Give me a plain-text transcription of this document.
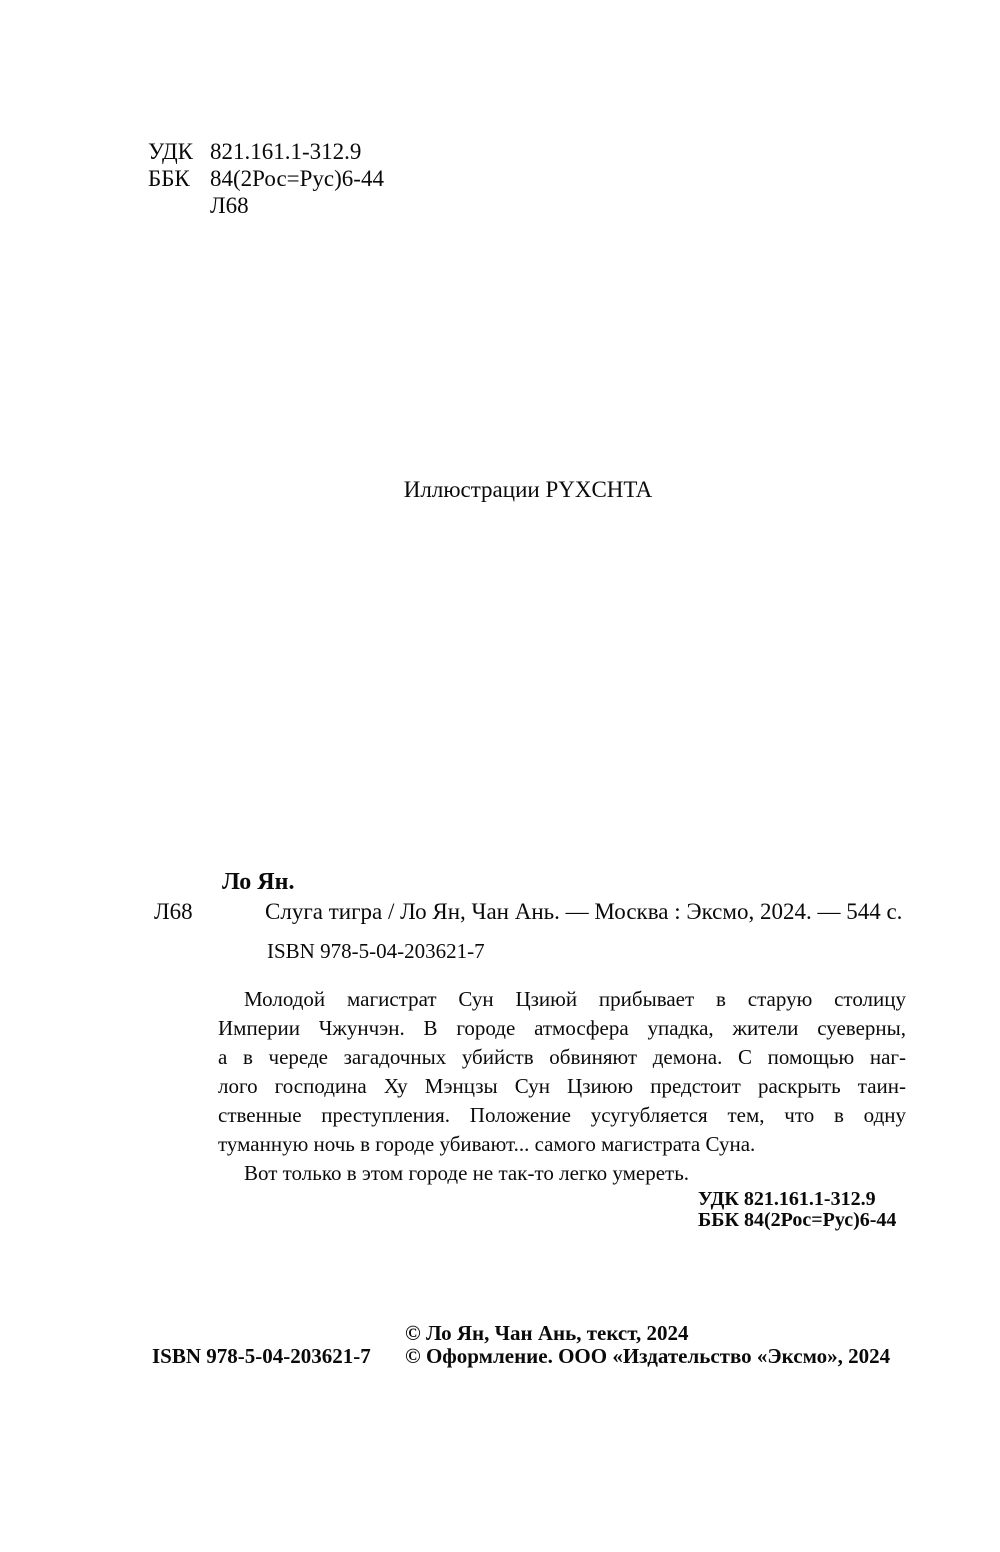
УДК 821.161.1-312.9
ББК 84(2Рос=Рус)6-44
Л68
Иллюстрации PYXCHTA
Ло Ян.
Л68	Слуга тигра / Ло Ян, Чан Ань. — Москва : Эксмо, 2024. — 544 с.
ISBN 978-5-04-203621-7
Молодой магистрат Сун Цзиюй прибывает в старую столицу
Империи Чжунчэн. В городе атмосфера упадка, жители суеверны,
а в череде загадочных убийств обвиняют демона. С помощью наг-
лого господина Ху Мэнцзы Сун Цзиюю предстоит раскрыть таин-
ственные преступления. Положение усугубляется тем, что в одну
туманную ночь в городе убивают... самого магистрата Суна.
Вот только в этом городе не так-то легко умереть.
УДК 821.161.1-312.9
ББК 84(2Рос=Рус)6-44
© Ло Ян, Чан Ань, текст, 2024
ISBN 978-5-04-203621-7 © Оформление. ООО «Издательство «Эксмо», 2024
